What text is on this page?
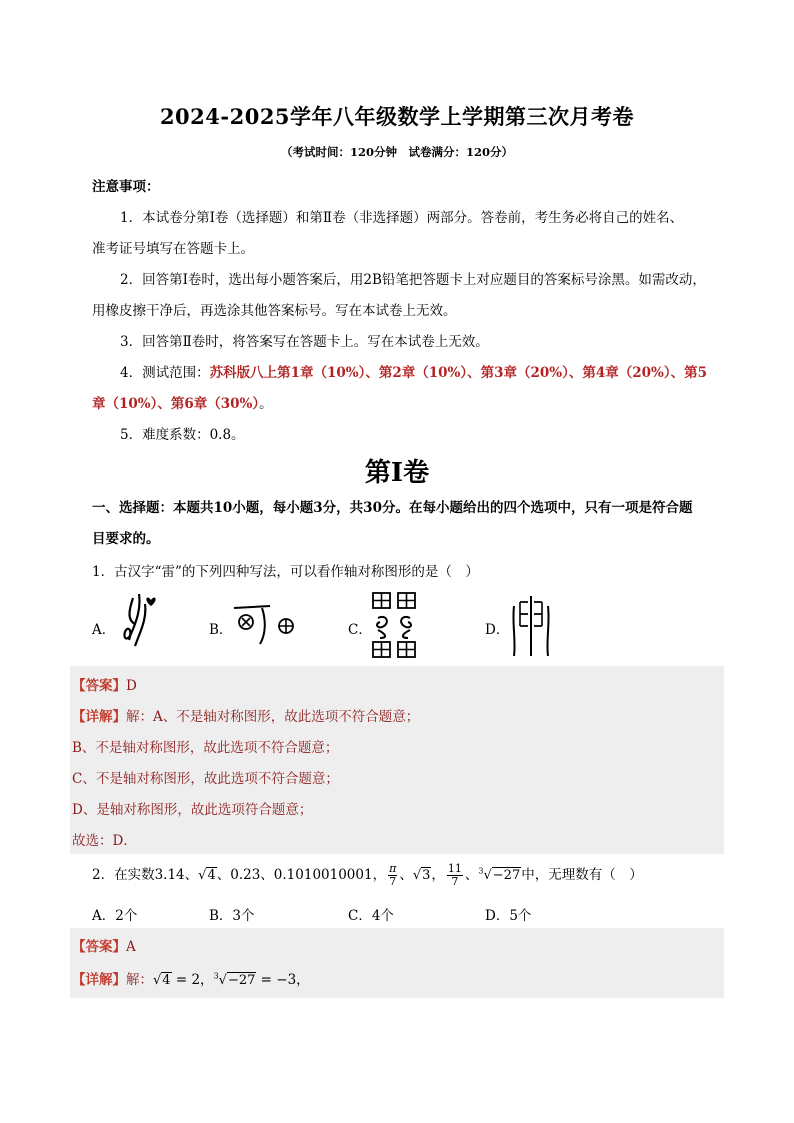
2024-2025学年八年级数学上学期第三次月考卷
（考试时间：120分钟　试卷满分：120分）
注意事项：
1．本试卷分第Ⅰ卷（选择题）和第Ⅱ卷（非选择题）两部分。答卷前，考生务必将自己的姓名、
准考证号填写在答题卡上。
2．回答第Ⅰ卷时，选出每小题答案后，用2B铅笔把答题卡上对应题目的答案标号涂黑。如需改动，
用橡皮擦干净后，再选涂其他答案标号。写在本试卷上无效。
3．回答第Ⅱ卷时，将答案写在答题卡上。写在本试卷上无效。
4．测试范围：苏科版八上第1章（10%）、第2章（10%）、第3章（20%）、第4章（20%）、第5
章（10%）、第6章（30%）。
5．难度系数：0.8。
第Ⅰ卷
一、选择题：本题共10小题，每小题3分，共30分。在每小题给出的四个选项中，只有一项是符合题
目要求的。
1．古汉字“雷”的下列四种写法，可以看作轴对称图形的是（　）
A．	B．	C．	D．
【答案】D
【详解】解：A、不是轴对称图形，故此选项不符合题意；
B、不是轴对称图形，故此选项不符合题意；
C、不是轴对称图形，故此选项不符合题意；
D、是轴对称图形，故此选项符合题意；
故选：D．
2．在实数3.14、√4、0.23、0.1010010001， $\frac{\pi}{7}$ 、√3， $\frac{11}{7}$ 、$^3$√−27中，无理数有（　）
A．2个	B．3个	C．4个	D．5个
【答案】A
【详解】解：√4 = 2，$^3$√−27 = −3，
